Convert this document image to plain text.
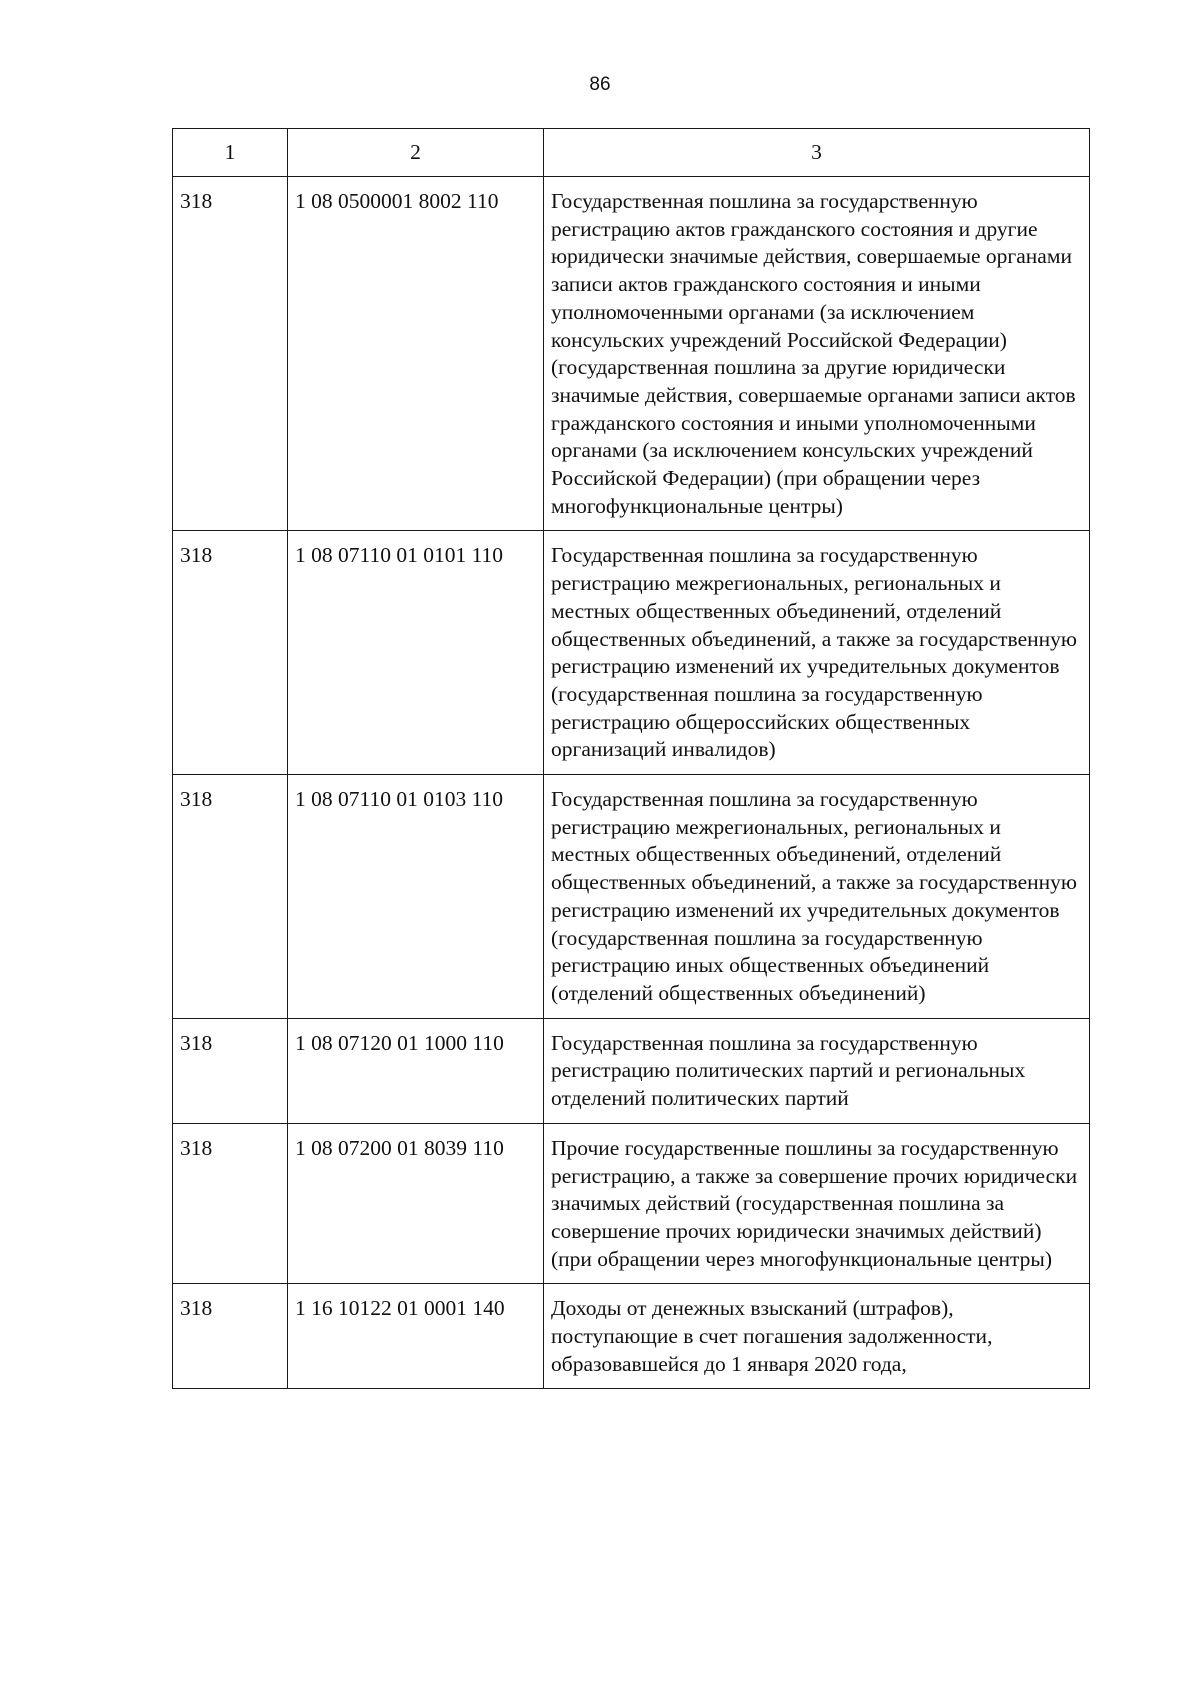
86
1	2	3
318	1 08 0500001 8002 110	Государственная пошлина за государственную регистрацию актов гражданского состояния и другие юридически значимые действия, совершаемые органами записи актов гражданского состояния и иными уполномоченными органами (за исключением консульских учреждений Российской Федерации) (государственная пошлина за другие юридически значимые действия, совершаемые органами записи актов гражданского состояния и иными уполномоченными органами (за исключением консульских учреждений Российской Федерации) (при обращении через многофункциональные центры)
318	1 08 07110 01 0101 110	Государственная пошлина за государственную регистрацию межрегиональных, региональных и местных общественных объединений, отделений общественных объединений, а также за государственную регистрацию изменений их учредительных документов (государственная пошлина за государственную регистрацию общероссийских общественных организаций инвалидов)
318	1 08 07110 01 0103 110	Государственная пошлина за государственную регистрацию межрегиональных, региональных и местных общественных объединений, отделений общественных объединений, а также за государственную регистрацию изменений их учредительных документов (государственная пошлина за государственную регистрацию иных общественных объединений (отделений общественных объединений)
318	1 08 07120 01 1000 110	Государственная пошлина за государственную регистрацию политических партий и региональных отделений политических партий
318	1 08 07200 01 8039 110	Прочие государственные пошлины за государственную регистрацию, а также за совершение прочих юридически значимых действий (государственная пошлина за совершение прочих юридически значимых действий) (при обращении через многофункциональные центры)
318	1 16 10122 01 0001 140	Доходы от денежных взысканий (штрафов), поступающие в счет погашения задолженности, образовавшейся до 1 января 2020 года,
